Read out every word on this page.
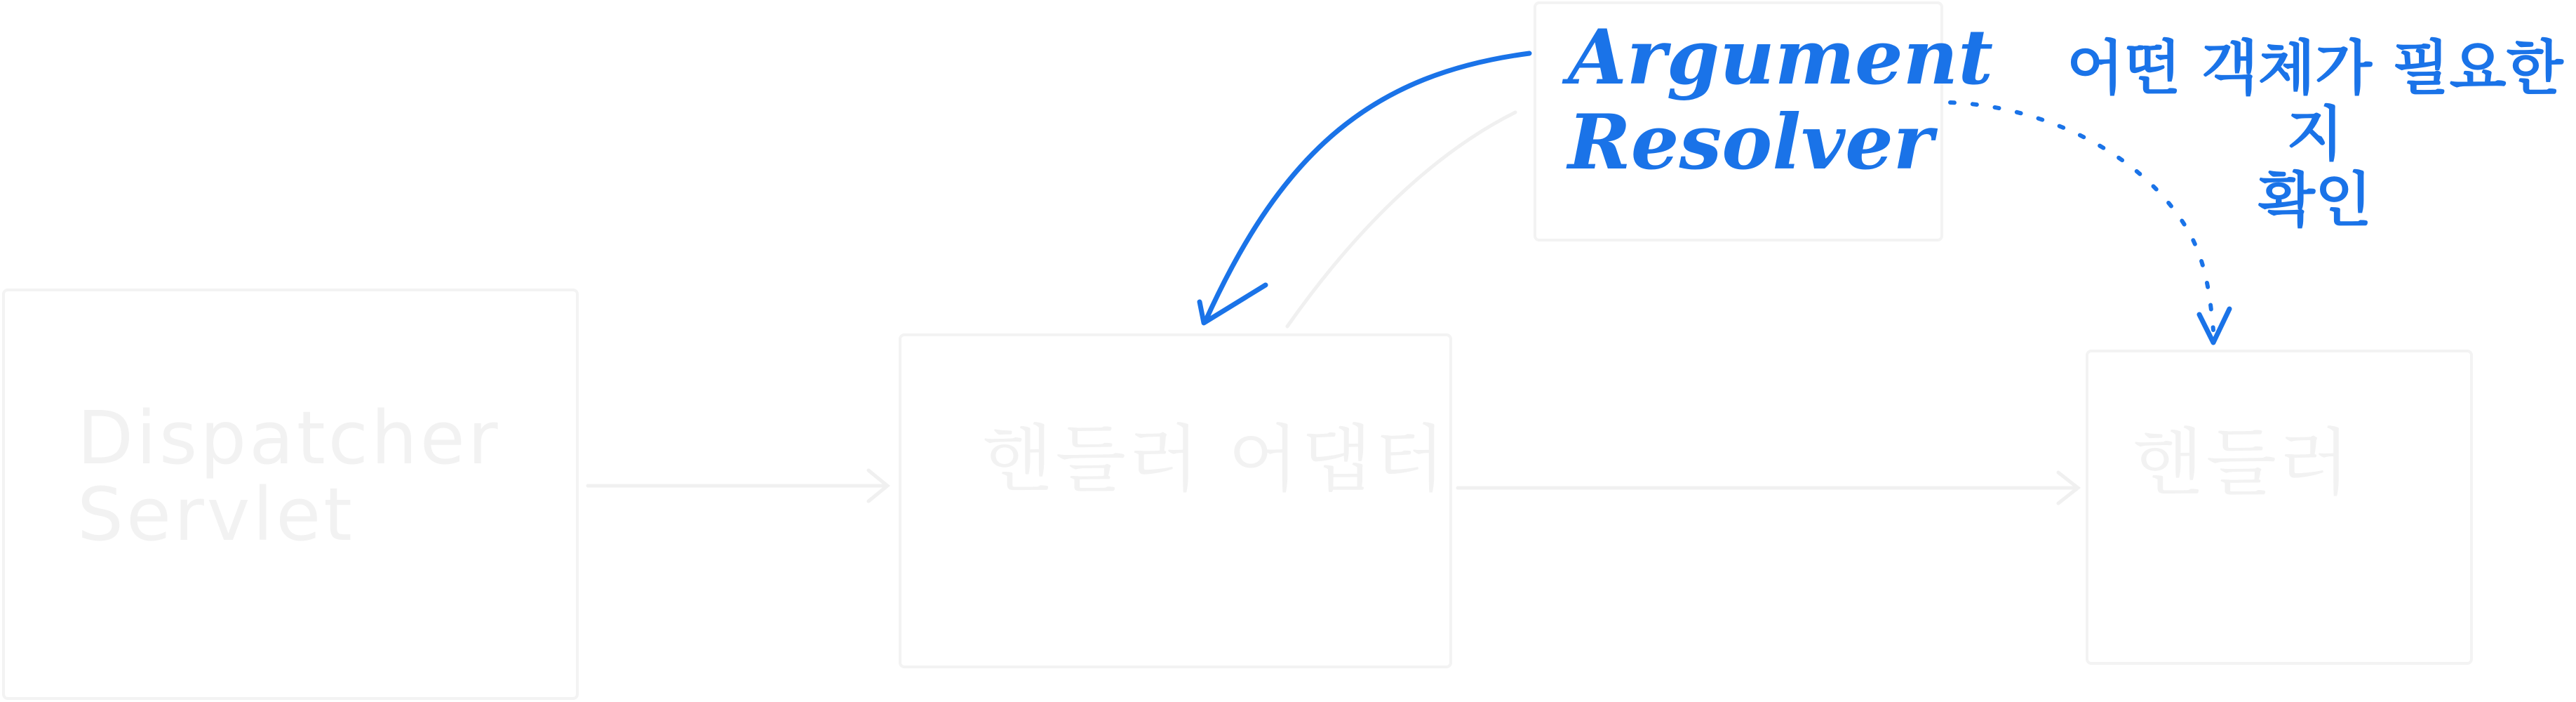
Dispatcher
Servlet
핸들러 어댑터	핸들러
Argument
Resolver
어떤 객체가 필요한지
확인
